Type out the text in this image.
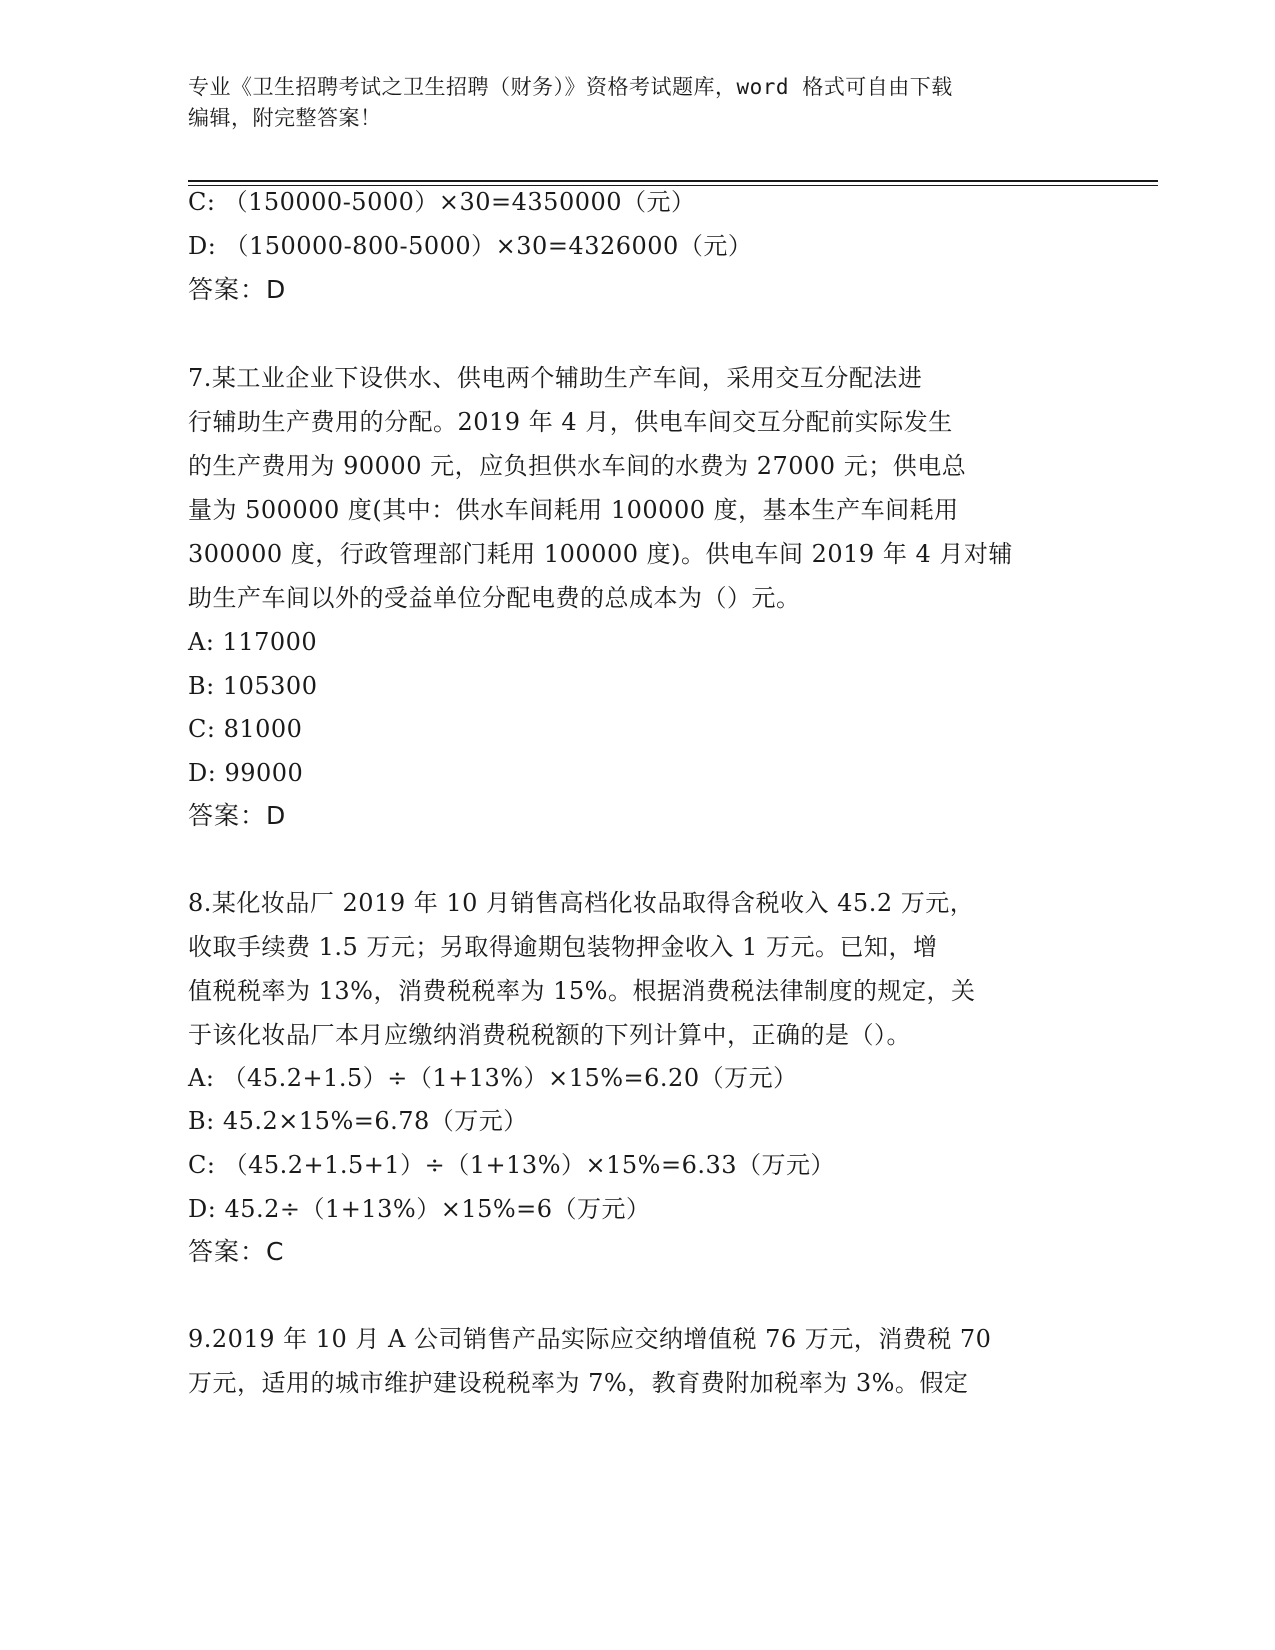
专业《卫生招聘考试之卫生招聘（财务）》资格考试题库，word 格式可自由下载

编辑，附完整答案！

C: （150000-5000）×30=4350000（元）

D: （150000-800-5000）×30=4326000（元）

答案：D

7.某工业企业下设供水、供电两个辅助生产车间，采用交互分配法进

行辅助生产费用的分配。2019 年 4 月，供电车间交互分配前实际发生

的生产费用为 90000 元，应负担供水车间的水费为 27000 元；供电总

量为 500000 度(其中：供水车间耗用 100000 度，基本生产车间耗用

300000 度，行政管理部门耗用 100000 度)。供电车间 2019 年 4 月对辅

助生产车间以外的受益单位分配电费的总成本为（）元。

A: 117000

B: 105300

C: 81000

D: 99000

答案：D

8.某化妆品厂 2019 年 10 月销售高档化妆品取得含税收入 45.2 万元，

收取手续费 1.5 万元；另取得逾期包装物押金收入 1 万元。已知，增

值税税率为 13%，消费税税率为 15%。根据消费税法律制度的规定，关

于该化妆品厂本月应缴纳消费税税额的下列计算中，正确的是（）。

A: （45.2+1.5）÷（1+13%）×15%=6.20（万元）

B: 45.2×15%=6.78（万元）

C: （45.2+1.5+1）÷（1+13%）×15%=6.33（万元）

D: 45.2÷（1+13%）×15%=6（万元）

答案：C

9.2019 年 10 月 A 公司销售产品实际应交纳增值税 76 万元，消费税 70

万元，适用的城市维护建设税税率为 7%，教育费附加税率为 3%。假定
